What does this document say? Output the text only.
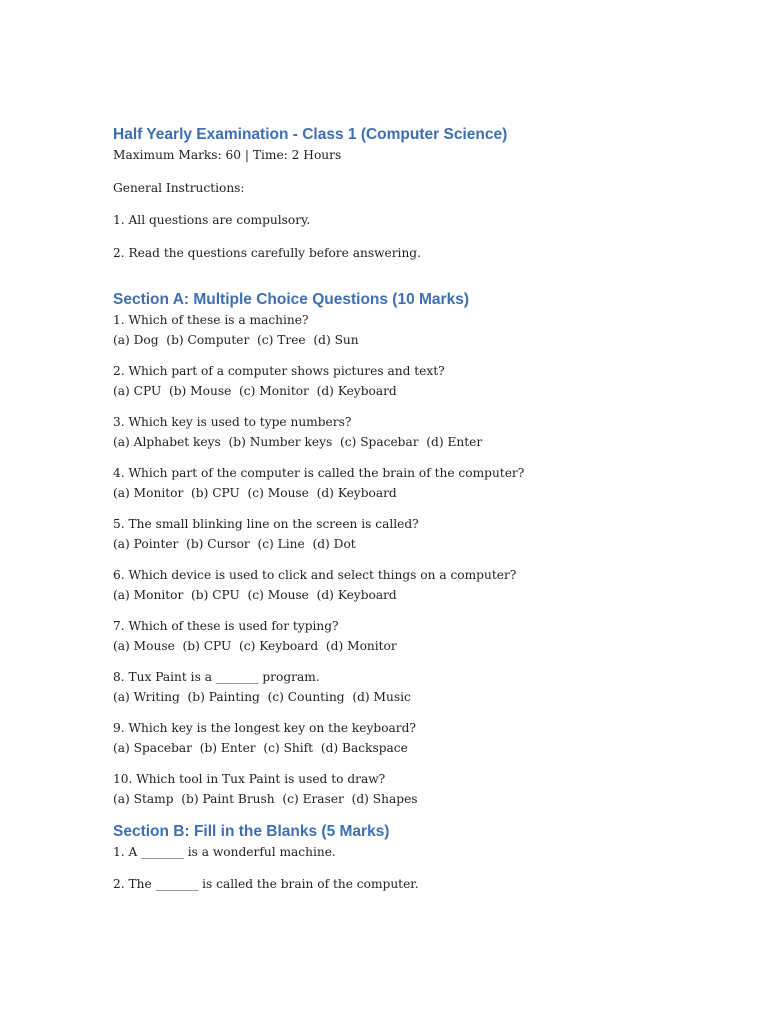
Half Yearly Examination - Class 1 (Computer Science)

Maximum Marks: 60 | Time: 2 Hours

General Instructions:

1. All questions are compulsory.

2. Read the questions carefully before answering.

Section A: Multiple Choice Questions (10 Marks)

1. Which of these is a machine?

(a) Dog  (b) Computer  (c) Tree  (d) Sun

2. Which part of a computer shows pictures and text?

(a) CPU  (b) Mouse  (c) Monitor  (d) Keyboard

3. Which key is used to type numbers?

(a) Alphabet keys  (b) Number keys  (c) Spacebar  (d) Enter

4. Which part of the computer is called the brain of the computer?

(a) Monitor  (b) CPU  (c) Mouse  (d) Keyboard

5. The small blinking line on the screen is called?

(a) Pointer  (b) Cursor  (c) Line  (d) Dot

6. Which device is used to click and select things on a computer?

(a) Monitor  (b) CPU  (c) Mouse  (d) Keyboard

7. Which of these is used for typing?

(a) Mouse  (b) CPU  (c) Keyboard  (d) Monitor

8. Tux Paint is a _______ program.

(a) Writing  (b) Painting  (c) Counting  (d) Music

9. Which key is the longest key on the keyboard?

(a) Spacebar  (b) Enter  (c) Shift  (d) Backspace

10. Which tool in Tux Paint is used to draw?

(a) Stamp  (b) Paint Brush  (c) Eraser  (d) Shapes

Section B: Fill in the Blanks (5 Marks)

1. A _______ is a wonderful machine.

2. The _______ is called the brain of the computer.
